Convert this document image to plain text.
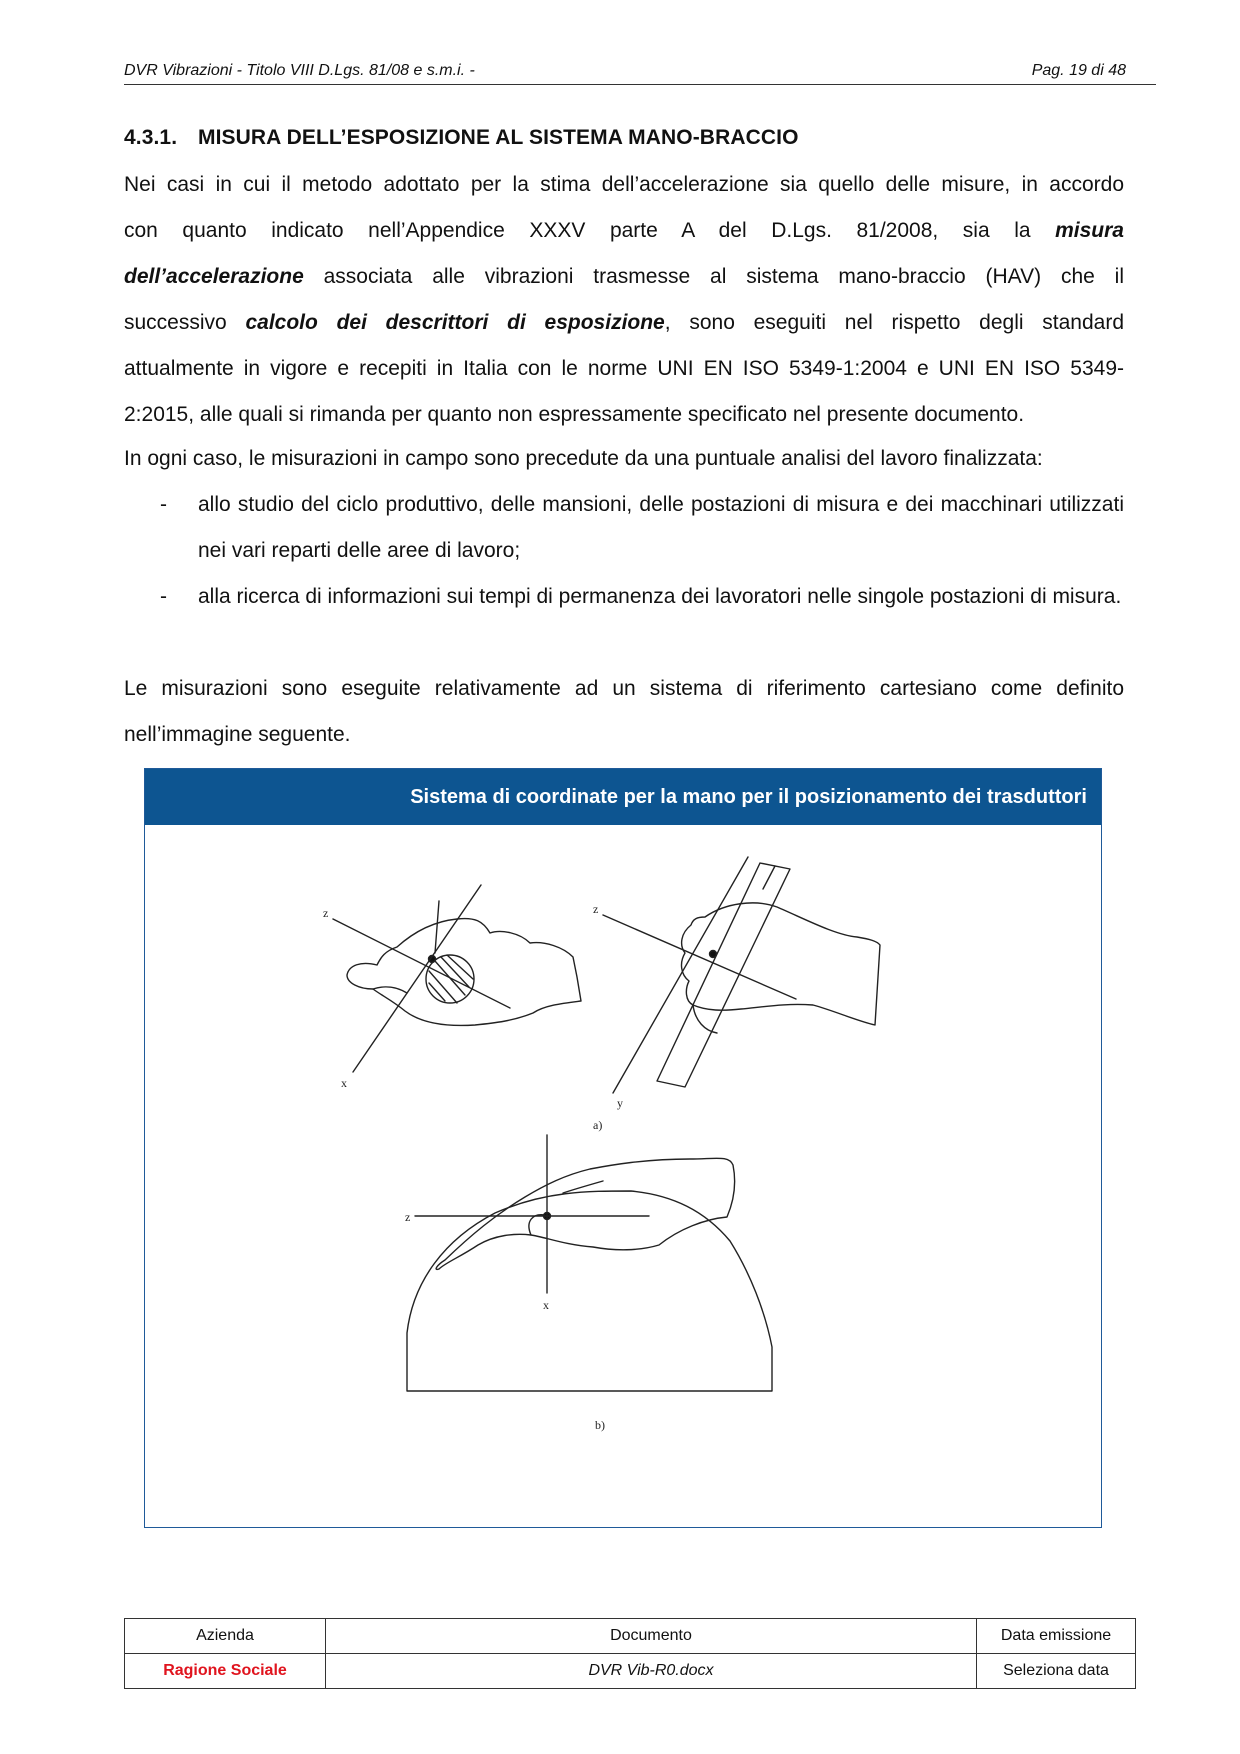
DVR Vibrazioni - Titolo VIII D.Lgs. 81/08 e s.m.i. -	Pag. 19 di 48
4.3.1. MISURA DELL’ESPOSIZIONE AL SISTEMA MANO-BRACCIO
Nei casi in cui il metodo adottato per la stima dell’accelerazione sia quello delle misure, in accordo
con quanto indicato nell’Appendice XXXV parte A del D.Lgs. 81/2008, sia la misura
dell’accelerazione associata alle vibrazioni trasmesse al sistema mano-braccio (HAV) che il
successivo calcolo dei descrittori di esposizione, sono eseguiti nel rispetto degli standard
attualmente in vigore e recepiti in Italia con le norme UNI EN ISO 5349-1:2004 e UNI EN ISO 5349-
2:2015, alle quali si rimanda per quanto non espressamente specificato nel presente documento.
In ogni caso, le misurazioni in campo sono precedute da una puntuale analisi del lavoro finalizzata:
- allo studio del ciclo produttivo, delle mansioni, delle postazioni di misura e dei macchinari utilizzati nei vari reparti delle aree di lavoro;
- alla ricerca di informazioni sui tempi di permanenza dei lavoratori nelle singole postazioni di misura.
Le misurazioni sono eseguite relativamente ad un sistema di riferimento cartesiano come definito nell’immagine seguente.
Sistema di coordinate per la mano per il posizionamento dei trasduttori
z
x
z
y
a)
z
x
b)
Azienda	Documento	Data emissione
Ragione Sociale	DVR Vib-R0.docx	Seleziona data
